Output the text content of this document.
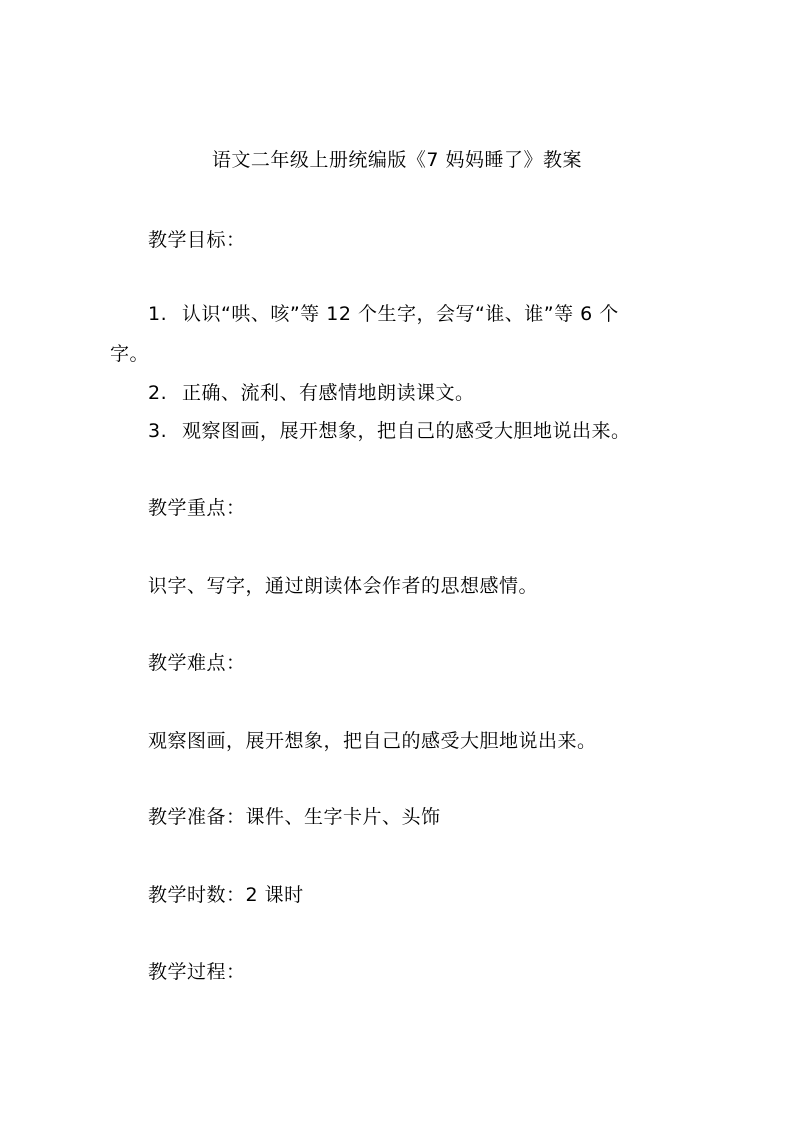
语文二年级上册统编版《7 妈妈睡了》教案
教学目标：
1. 认识“哄、咳”等 12 个生字，会写“谁、谁”等 6 个
字。
2. 正确、流利、有感情地朗读课文。
3. 观察图画，展开想象，把自己的感受大胆地说出来。
教学重点：
识字、写字，通过朗读体会作者的思想感情。
教学难点：
观察图画，展开想象，把自己的感受大胆地说出来。
教学准备：课件、生字卡片、头饰
教学时数：2 课时
教学过程：
